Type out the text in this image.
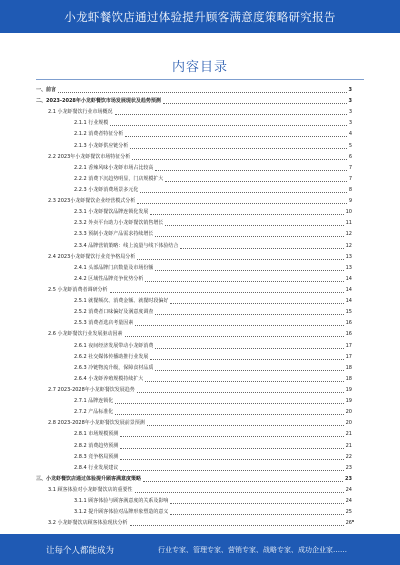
小龙虾餐饮店通过体验提升顾客满意度策略研究报告
内容目录
一、前言	3
二、2023-2028年小龙虾餐饮市场发展现状及趋势预测	3
2.1 小龙虾餐饮行业市场概况	3
2.1.1 行业规模	3
2.1.2 消费者特征分析	4
2.1.3 小龙虾供应链分析	5
2.2 2023年小龙虾餐饮市场特征分析	6
2.2.1 香辣风味小龙虾市场占比较高	7
2.2.2 消费下沉趋势明显，门店规模扩大	7
2.2.3 小龙虾消费场景多元化	8
2.3 2023小龙虾餐饮企业经营模式分析	9
2.3.1 小龙虾餐饮品牌连锁化发展	10
2.3.2 外卖平台助力小龙虾餐饮销售增长	11
2.3.3 预制小龙虾产品需求持续增长	12
2.3.4 品牌营销策略：线上流量与线下体验结合	12
2.4 2023小龙虾餐饮行业竞争格局分析	13
2.4.1 头部品牌门店数量及市场份额	13
2.4.2 区域性品牌竞争优势分析	14
2.5 小龙虾消费者调研分析	14
2.5.1 就餐频次、消费金额、就餐时段偏好	14
2.5.2 消费者口味偏好及满意度调查	15
2.5.3 消费者选店考量因素	16
2.6 小龙虾餐饮行业发展驱动因素	16
2.6.1 夜间经济发展带动小龙虾消费	17
2.6.2 社交媒体传播助推行业发展	17
2.6.3 冷链物流升级，保障食材品质	18
2.6.4 小龙虾养殖规模持续扩大	18
2.7 2023-2028年小龙虾餐饮发展趋势	19
2.7.1 品牌连锁化	19
2.7.2 产品标准化	20
2.8 2023-2028年小龙虾餐饮发展前景预测	20
2.8.1 市场规模预测	21
2.8.2 消费趋势预测	21
2.8.3 竞争格局预测	22
2.8.4 行业发展建议	23
三、小龙虾餐饮店通过体验提升顾客满意度策略	23
3.1 顾客体验对小龙虾餐饮店的重要性	24
3.1.1 顾客体验与顾客满意度的关系及影响	24
3.1.2 提升顾客体验对品牌形象塑造的意义	25
3.2 小龙虾餐饮店顾客体验现状分析	26
让每个人都能成为	行业专家、管理专家、营销专家、战略专家、成功企业家……
